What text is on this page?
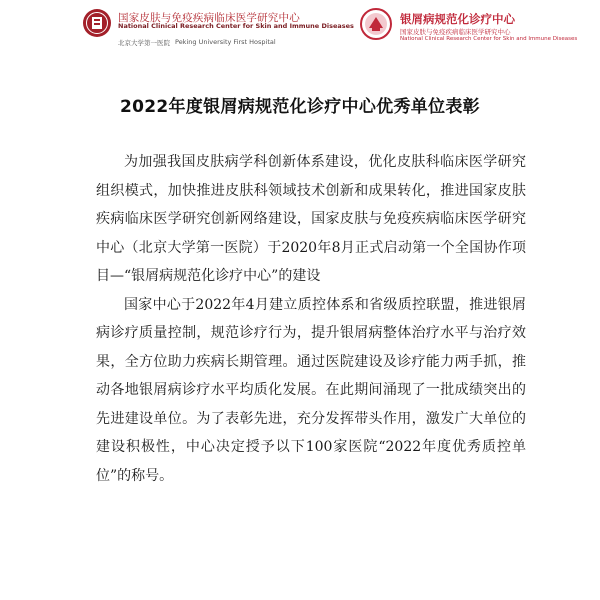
国家皮肤与免疫疾病临床医学研究中心
National Clinical Research Center for Skin and Immune Diseases
北京大学第一医院 Peking University First Hospital
银屑病规范化诊疗中心
国家皮肤与免疫疾病临床医学研究中心
National Clinical Research Center for Skin and Immune Diseases
2022年度银屑病规范化诊疗中心优秀单位表彰

为加强我国皮肤病学科创新体系建设，优化皮肤科临床医学研究组织模式，加快推进皮肤科领域技术创新和成果转化，推进国家皮肤疾病临床医学研究创新网络建设，国家皮肤与免疫疾病临床医学研究中心（北京大学第一医院）于2020年8月正式启动第一个全国协作项目—“银屑病规范化诊疗中心”的建设

国家中心于2022年4月建立质控体系和省级质控联盟，推进银屑病诊疗质量控制，规范诊疗行为，提升银屑病整体治疗水平与治疗效果，全方位助力疾病长期管理。通过医院建设及诊疗能力两手抓，推动各地银屑病诊疗水平均质化发展。在此期间涌现了一批成绩突出的先进建设单位。为了表彰先进，充分发挥带头作用，激发广大单位的建设积极性，中心决定授予以下100家医院“2022年度优秀质控单位”的称号。
